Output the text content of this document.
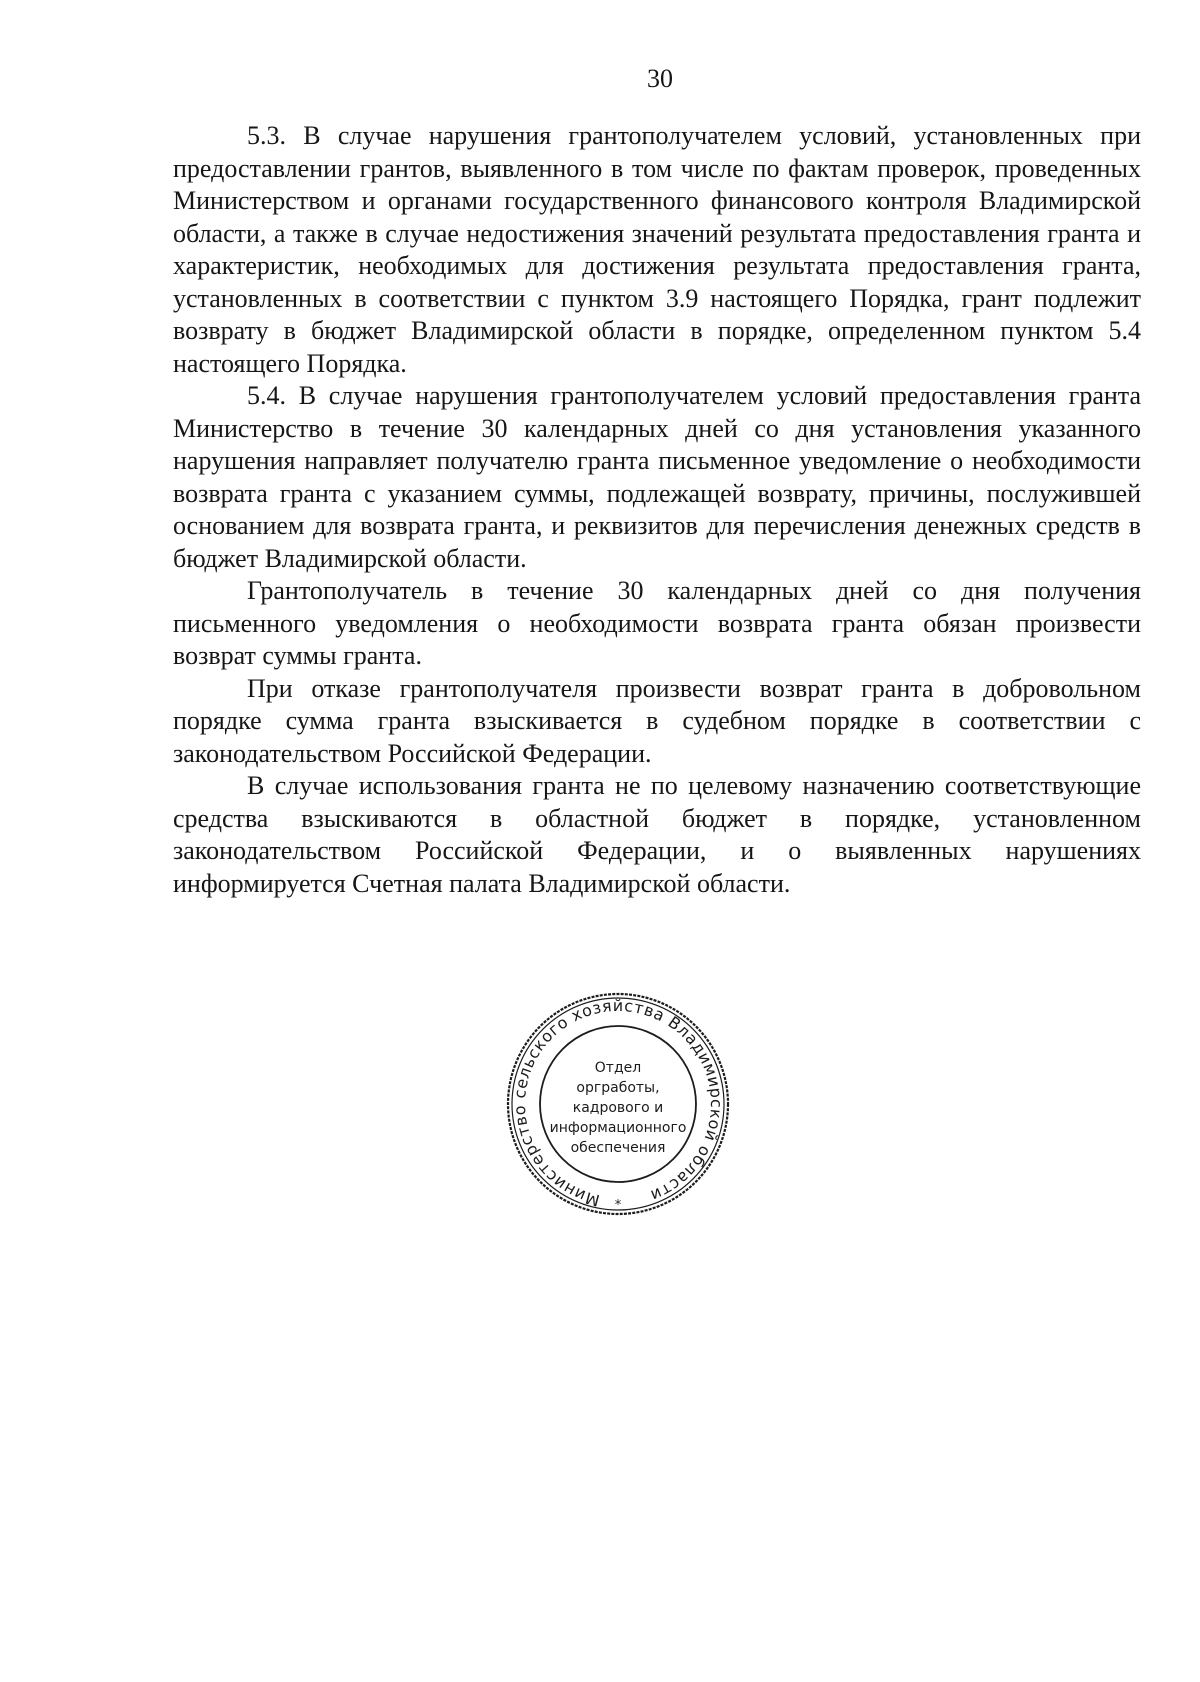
30

5.3. В случае нарушения грантополучателем условий, установленных при предоставлении грантов, выявленного в том числе по фактам проверок, проведенных Министерством и органами государственного финансового контроля Владимирской области, а также в случае недостижения значений результата предоставления гранта и характеристик, необходимых для достижения результата предоставления гранта, установленных в соответствии с пунктом 3.9 настоящего Порядка, грант подлежит возврату в бюджет Владимирской области в порядке, определенном пунктом 5.4 настоящего Порядка.

5.4. В случае нарушения грантополучателем условий предоставления гранта Министерство в течение 30 календарных дней со дня установления указанного нарушения направляет получателю гранта письменное уведомление о необходимости возврата гранта с указанием суммы, подлежащей возврату, причины, послужившей основанием для возврата гранта, и реквизитов для перечисления денежных средств в бюджет Владимирской области.

Грантополучатель в течение 30 календарных дней со дня получения письменного уведомления о необходимости возврата гранта обязан произвести возврат суммы гранта.

При отказе грантополучателя произвести возврат гранта в добровольном порядке сумма гранта взыскивается в судебном порядке в соответствии с законодательством Российской Федерации.

В случае использования гранта не по целевому назначению соответствующие средства взыскиваются в областной бюджет в порядке, установленном законодательством Российской Федерации, и о выявленных нарушениях информируется Счетная палата Владимирской области.

Министерство сельского хозяйства Владимирской области
*
Отдел
оргработы,
кадрового и
информационного
обеспечения
